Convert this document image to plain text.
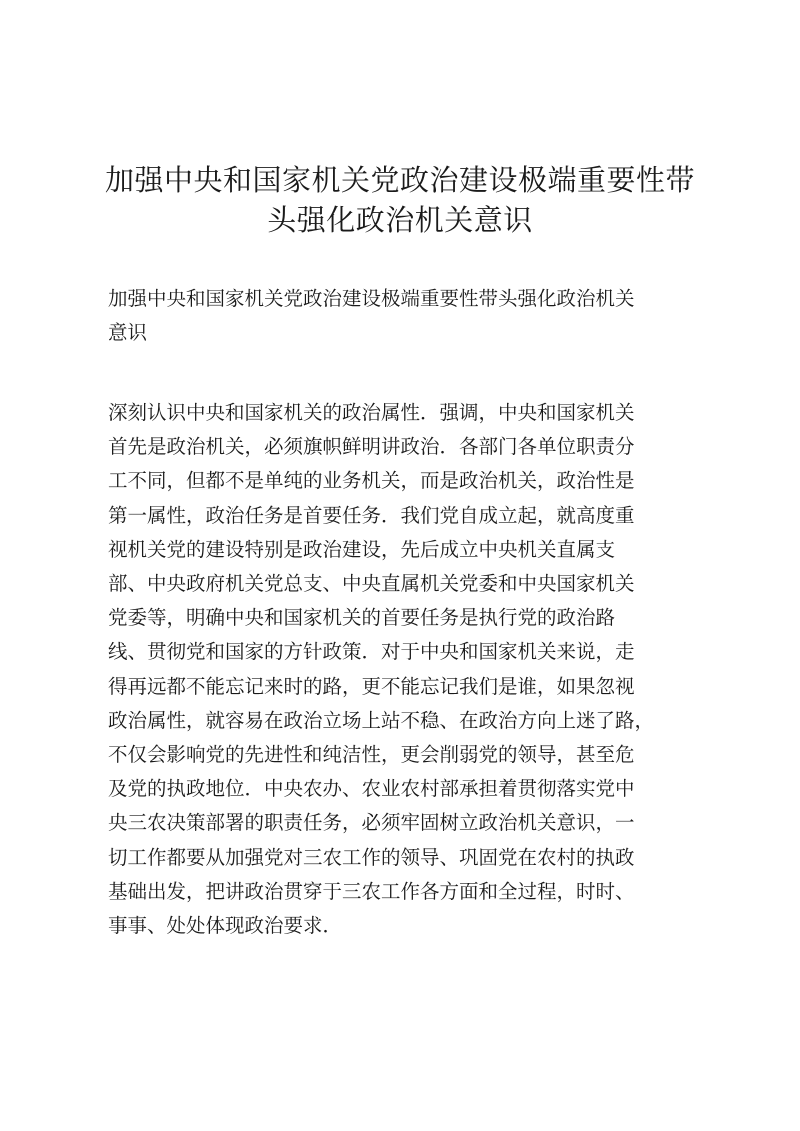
加强中央和国家机关党政治建设极端重要性带
头强化政治机关意识

加强中央和国家机关党政治建设极端重要性带头强化政治机关
意识

深刻认识中央和国家机关的政治属性．强调，中央和国家机关
首先是政治机关，必须旗帜鲜明讲政治．各部门各单位职责分
工不同，但都不是单纯的业务机关，而是政治机关，政治性是
第一属性，政治任务是首要任务．我们党自成立起，就高度重
视机关党的建设特别是政治建设，先后成立中央机关直属支
部、中央政府机关党总支、中央直属机关党委和中央国家机关
党委等，明确中央和国家机关的首要任务是执行党的政治路
线、贯彻党和国家的方针政策．对于中央和国家机关来说，走
得再远都不能忘记来时的路，更不能忘记我们是谁，如果忽视
政治属性，就容易在政治立场上站不稳、在政治方向上迷了路，
不仅会影响党的先进性和纯洁性，更会削弱党的领导，甚至危
及党的执政地位．中央农办、农业农村部承担着贯彻落实党中
央三农决策部署的职责任务，必须牢固树立政治机关意识，一
切工作都要从加强党对三农工作的领导、巩固党在农村的执政
基础出发，把讲政治贯穿于三农工作各方面和全过程，时时、
事事、处处体现政治要求．
